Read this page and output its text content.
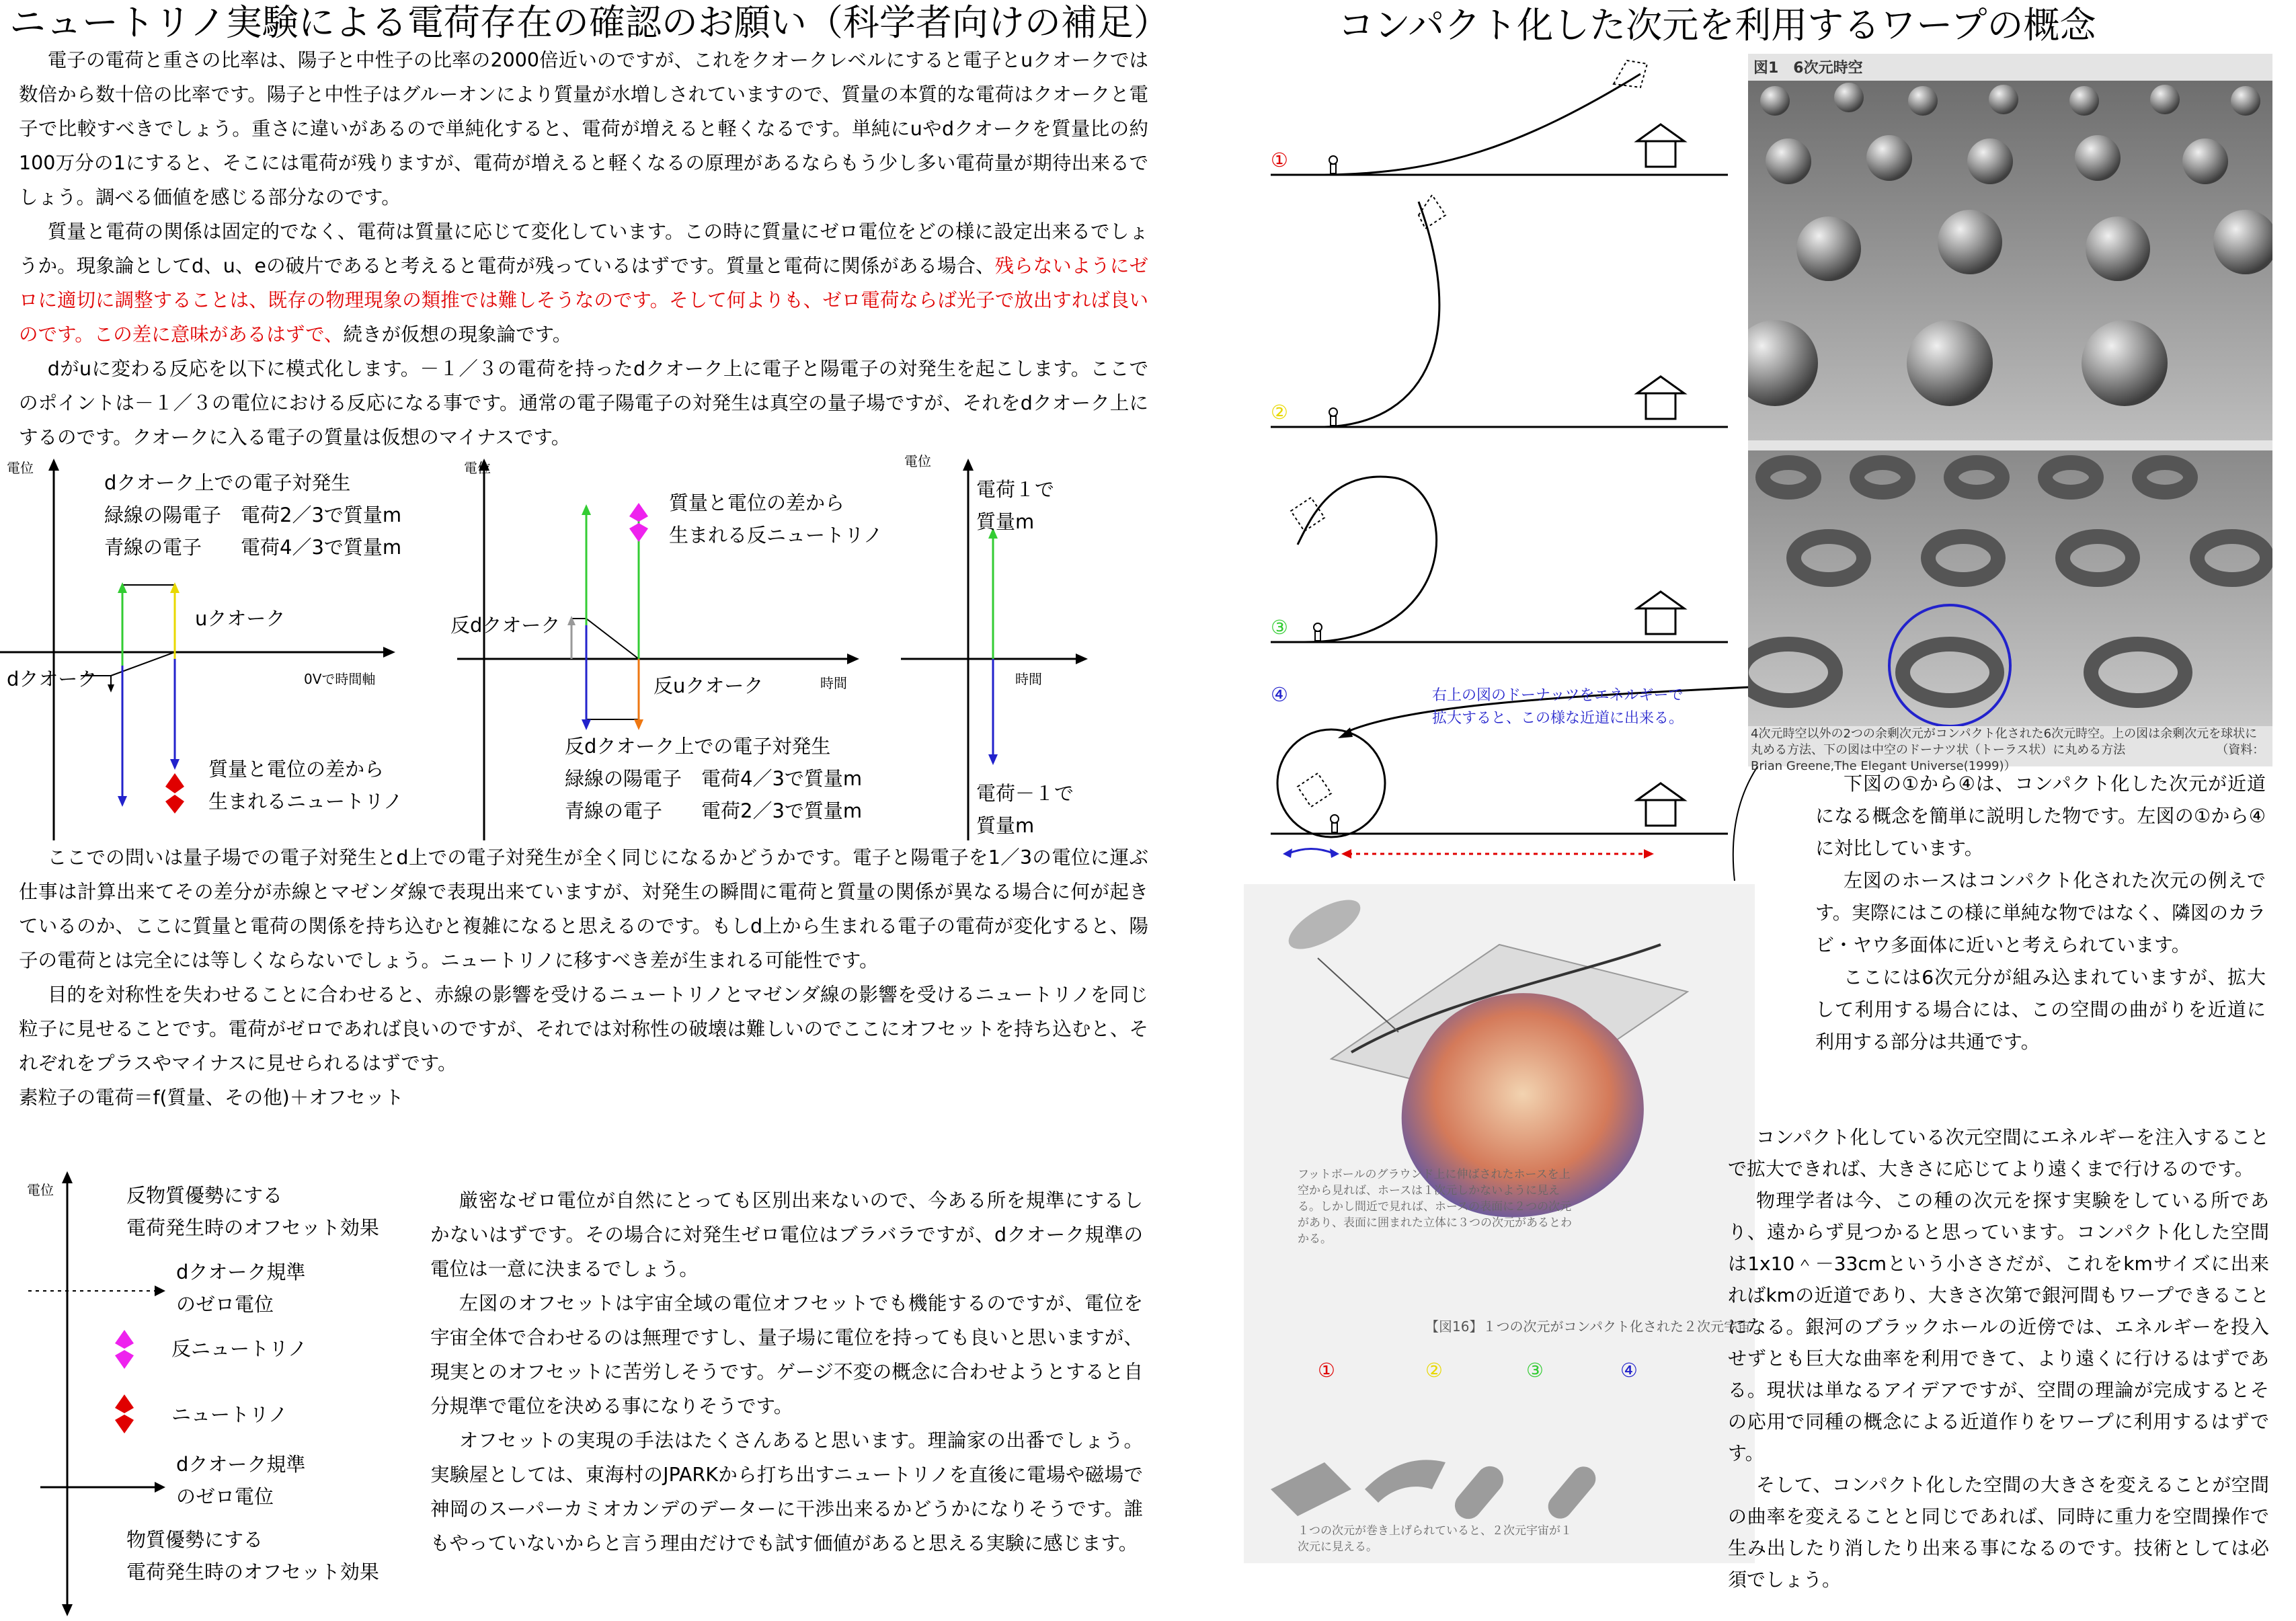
ニュートリノ実験による電荷存在の確認のお願い（科学者向けの補足）

電子の電荷と重さの比率は、陽子と中性子の比率の2000倍近いのですが、これをクオークレベルにすると電子とuクオークでは数倍から数十倍の比率です。陽子と中性子はグルーオンにより質量が水増しされていますので、質量の本質的な電荷はクオークと電子で比較すべきでしょう。重さに違いがあるので単純化すると、電荷が増えると軽くなるです。単純にuやdクオークを質量比の約100万分の1にすると、そこには電荷が残りますが、電荷が増えると軽くなるの原理があるならもう少し多い電荷量が期待出来るでしょう。調べる価値を感じる部分なのです。

質量と電荷の関係は固定的でなく、電荷は質量に応じて変化しています。この時に質量にゼロ電位をどの様に設定出来るでしょうか。現象論としてd、u、eの破片であると考えると電荷が残っているはずです。質量と電荷に関係がある場合、残らないようにゼロに適切に調整することは、既存の物理現象の類推では難しそうなのです。そして何よりも、ゼロ電荷ならば光子で放出すれば良いのです。この差に意味があるはずで、続きが仮想の現象論です。

dがuに変わる反応を以下に模式化します。－１／３の電荷を持ったdクオーク上に電子と陽電子の対発生を起こします。ここでのポイントは－１／３の電位における反応になる事です。通常の電子陽電子の対発生は真空の量子場ですが、それをdクオーク上にするのです。クオークに入る電子の質量は仮想のマイナスです。

電位
dクオーク上での電子対発生
緑線の陽電子　電荷2／3で質量m
青線の電子　　電荷4／3で質量m
uクオーク
dクオーク	0Vで時間軸
質量と電位の差から
生まれるニュートリノ
電位
質量と電位の差から
生まれる反ニュートリノ
反dクオーク
反uクオーク	時間
反dクオーク上での電子対発生
緑線の陽電子　電荷4／3で質量m
青線の電子　　電荷2／3で質量m
電位
電荷１で
質量m
時間
電荷－１で
質量m

ここでの問いは量子場での電子対発生とd上での電子対発生が全く同じになるかどうかです。電子と陽電子を1／3の電位に運ぶ仕事は計算出来てその差分が赤線とマゼンダ線で表現出来ていますが、対発生の瞬間に電荷と質量の関係が異なる場合に何が起きているのか、ここに質量と電荷の関係を持ち込むと複雑になると思えるのです。もしd上から生まれる電子の電荷が変化すると、陽子の電荷とは完全には等しくならないでしょう。ニュートリノに移すべき差が生まれる可能性です。

目的を対称性を失わせることに合わせると、赤線の影響を受けるニュートリノとマゼンダ線の影響を受けるニュートリノを同じ粒子に見せることです。電荷がゼロであれば良いのですが、それでは対称性の破壊は難しいのでここにオフセットを持ち込むと、それぞれをプラスやマイナスに見せられるはずです。

素粒子の電荷＝f(質量、その他)＋オフセット

電位	反物質優勢にする
電荷発生時のオフセット効果
dクオーク規準
のゼロ電位
反ニュートリノ
ニュートリノ
dクオーク規準
のゼロ電位
物質優勢にする
電荷発生時のオフセット効果

厳密なゼロ電位が自然にとっても区別出来ないので、今ある所を規準にするしかないはずです。その場合に対発生ゼロ電位はブラバラですが、dクオーク規準の電位は一意に決まるでしょう。

左図のオフセットは宇宙全域の電位オフセットでも機能するのですが、電位を宇宙全体で合わせるのは無理ですし、量子場に電位を持っても良いと思いますが、現実とのオフセットに苦労しそうです。ゲージ不変の概念に合わせようとすると自分規準で電位を決める事になりそうです。

オフセットの実現の手法はたくさんあると思います。理論家の出番でしょう。実験屋としては、東海村のJPARKから打ち出すニュートリノを直後に電場や磁場で神岡のスーパーカミオカンデのデーターに干渉出来るかどうかになりそうです。誰もやっていないからと言う理由だけでも試す価値があると思える実験に感じます。

コンパクト化した次元を利用するワープの概念
①
②
③
④	右上の図のドーナッツをエネルギーで拡大すると、この様な近道に出来る。
図1　6次元時空
4次元時空以外の2つの余剰次元がコンパクト化された6次元時空。上の図は余剰次元を球状に丸める方法、下の図は中空のドーナツ状（トーラス状）に丸める方法　　　　　　　　（資料：Brian Greene,The Elegant Universe(1999)）

下図の①から④は、コンパクト化した次元が近道になる概念を簡単に説明した物です。左図の①から④に対比しています。

左図のホースはコンパクト化された次元の例えです。実際にはこの様に単純な物ではなく、隣図のカラビ・ヤウ多面体に近いと考えられています。

ここには6次元分が組み込まれていますが、拡大して利用する場合には、この空間の曲がりを近道に利用する部分は共通です。

フットボールのグラウンド上に伸ばされたホースを上空から見れば、ホースは１次元しかないように見える。しかし間近で見れば、ホースの表面に２つの次元があり、表面に囲まれた立体に３つの次元があるとわかる。
【図16】１つの次元がコンパクト化された２次元宇宙
①	②	③	④
１つの次元が巻き上げられていると、２次元宇宙が１次元に見える。

コンパクト化している次元空間にエネルギーを注入することで拡大できれば、大きさに応じてより遠くまで行けるのです。

物理学者は今、この種の次元を探す実験をしている所であり、遠からず見つかると思っています。コンパクト化した空間は1x10＾－33cmという小ささだが、これをkmサイズに出来ればkmの近道であり、大きさ次第で銀河間もワープできることになる。銀河のブラックホールの近傍では、エネルギーを投入せずとも巨大な曲率を利用できて、より遠くに行けるはずである。現状は単なるアイデアですが、空間の理論が完成するとその応用で同種の概念による近道作りをワープに利用するはずです。

そして、コンパクト化した空間の大きさを変えることが空間の曲率を変えることと同じであれば、同時に重力を空間操作で生み出したり消したり出来る事になるのです。技術としては必須でしょう。
